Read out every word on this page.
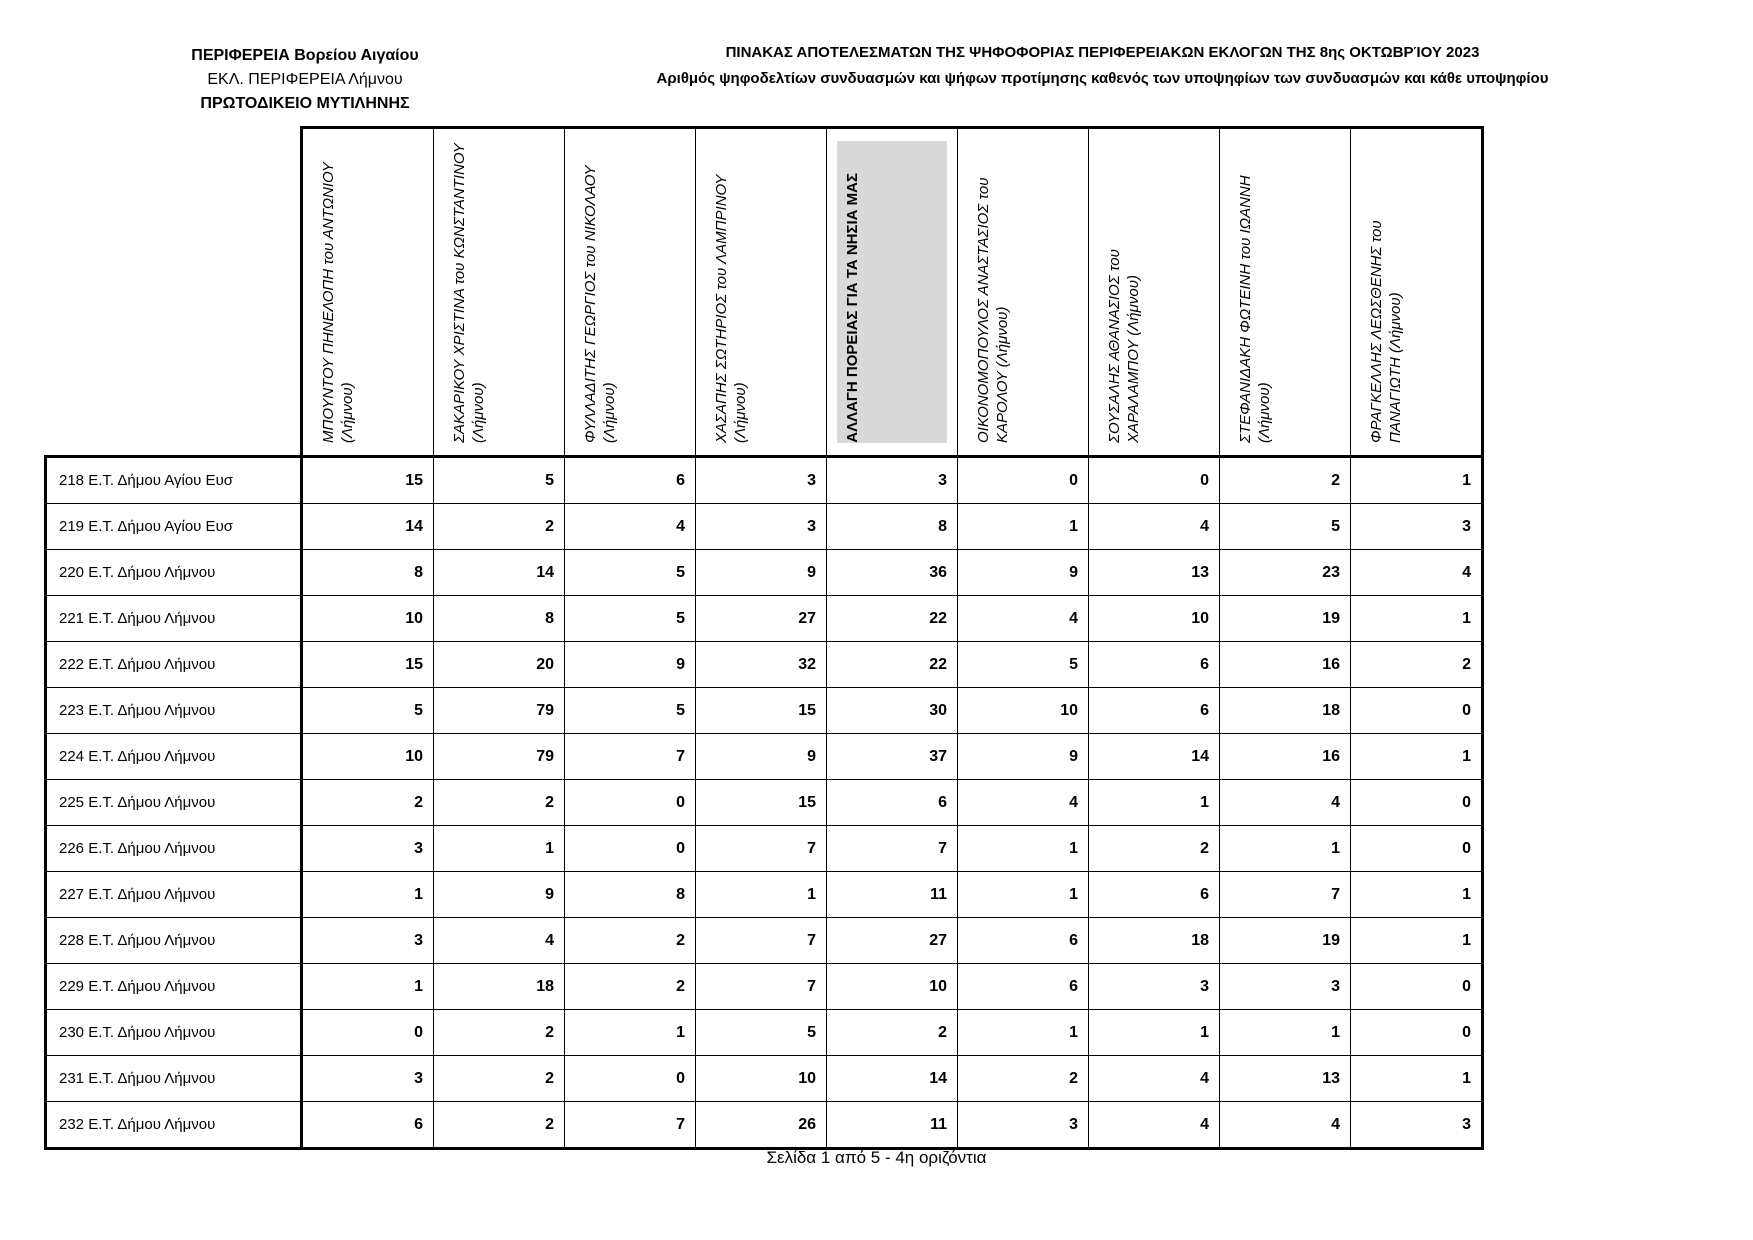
ΠΕΡΙΦΕΡΕΙΑ Βορείου Αιγαίου
ΕΚΛ. ΠΕΡΙΦΕΡΕΙΑ Λήμνου
ΠΡΩΤΟΔΙΚΕΙΟ ΜΥΤΙΛΗΝΗΣ
ΠΙΝΑΚΑΣ ΑΠΟΤΕΛΕΣΜΑΤΩΝ ΤΗΣ ΨΗΦΟΦΟΡΙΑΣ ΠΕΡΙΦΕΡΕΙΑΚΩΝ ΕΚΛΟΓΩΝ ΤΗΣ 8ης ΟΚΤΩΒΡΊΟΥ 2023
Αριθμός ψηφοδελτίων συνδυασμών και ψήφων προτίμησης καθενός των υποψηφίων των συνδυασμών και κάθε υποψηφίου

	ΜΠΟΥΝΤΟΥ ΠΗΝΕΛΟΠΗ του ΑΝΤΩΝΙΟΥ (Λήμνου)	ΣΑΚΑΡΙΚΟΥ ΧΡΙΣΤΙΝΑ του ΚΩΝΣΤΑΝΤΙΝΟΥ (Λήμνου)	ΦΥΛΛΑΔΙΤΗΣ ΓΕΩΡΓΙΟΣ του ΝΙΚΟΛΑΟΥ (Λήμνου)	ΧΑΣΑΠΗΣ ΣΩΤΗΡΙΟΣ του ΛΑΜΠΡΙΝΟΥ (Λήμνου)	ΑΛΛΑΓΗ ΠΟΡΕΙΑΣ ΓΙΑ ΤΑ ΝΗΣΙΑ ΜΑΣ	ΟΙΚΟΝΟΜΟΠΟΥΛΟΣ ΑΝΑΣΤΑΣΙΟΣ του ΚΑΡΟΛΟΥ (Λήμνου)	ΣΟΥΣΑΛΗΣ ΑΘΑΝΑΣΙΟΣ του ΧΑΡΑΛΑΜΠΟΥ (Λήμνου)	ΣΤΕΦΑΝΙΔΑΚΗ ΦΩΤΕΙΝΗ του ΙΩΑΝΝΗ (Λήμνου)	ΦΡΑΓΚΕΛΛΗΣ ΛΕΩΣΘΕΝΗΣ του ΠΑΝΑΓΙΩΤΗ (Λήμνου)

218 Ε.Τ. Δήμου Αγίου Ευσ	15	5	6	3	3	0	0	2	1
219 Ε.Τ. Δήμου Αγίου Ευσ	14	2	4	3	8	1	4	5	3
220 Ε.Τ. Δήμου Λήμνου	8	14	5	9	36	9	13	23	4
221 Ε.Τ. Δήμου Λήμνου	10	8	5	27	22	4	10	19	1
222 Ε.Τ. Δήμου Λήμνου	15	20	9	32	22	5	6	16	2
223 Ε.Τ. Δήμου Λήμνου	5	79	5	15	30	10	6	18	0
224 Ε.Τ. Δήμου Λήμνου	10	79	7	9	37	9	14	16	1
225 Ε.Τ. Δήμου Λήμνου	2	2	0	15	6	4	1	4	0
226 Ε.Τ. Δήμου Λήμνου	3	1	0	7	7	1	2	1	0
227 Ε.Τ. Δήμου Λήμνου	1	9	8	1	11	1	6	7	1
228 Ε.Τ. Δήμου Λήμνου	3	4	2	7	27	6	18	19	1
229 Ε.Τ. Δήμου Λήμνου	1	18	2	7	10	6	3	3	0
230 Ε.Τ. Δήμου Λήμνου	0	2	1	5	2	1	1	1	0
231 Ε.Τ. Δήμου Λήμνου	3	2	0	10	14	2	4	13	1
232 Ε.Τ. Δήμου Λήμνου	6	2	7	26	11	3	4	4	3
Σελίδα 1 από 5 - 4η οριζόντια
